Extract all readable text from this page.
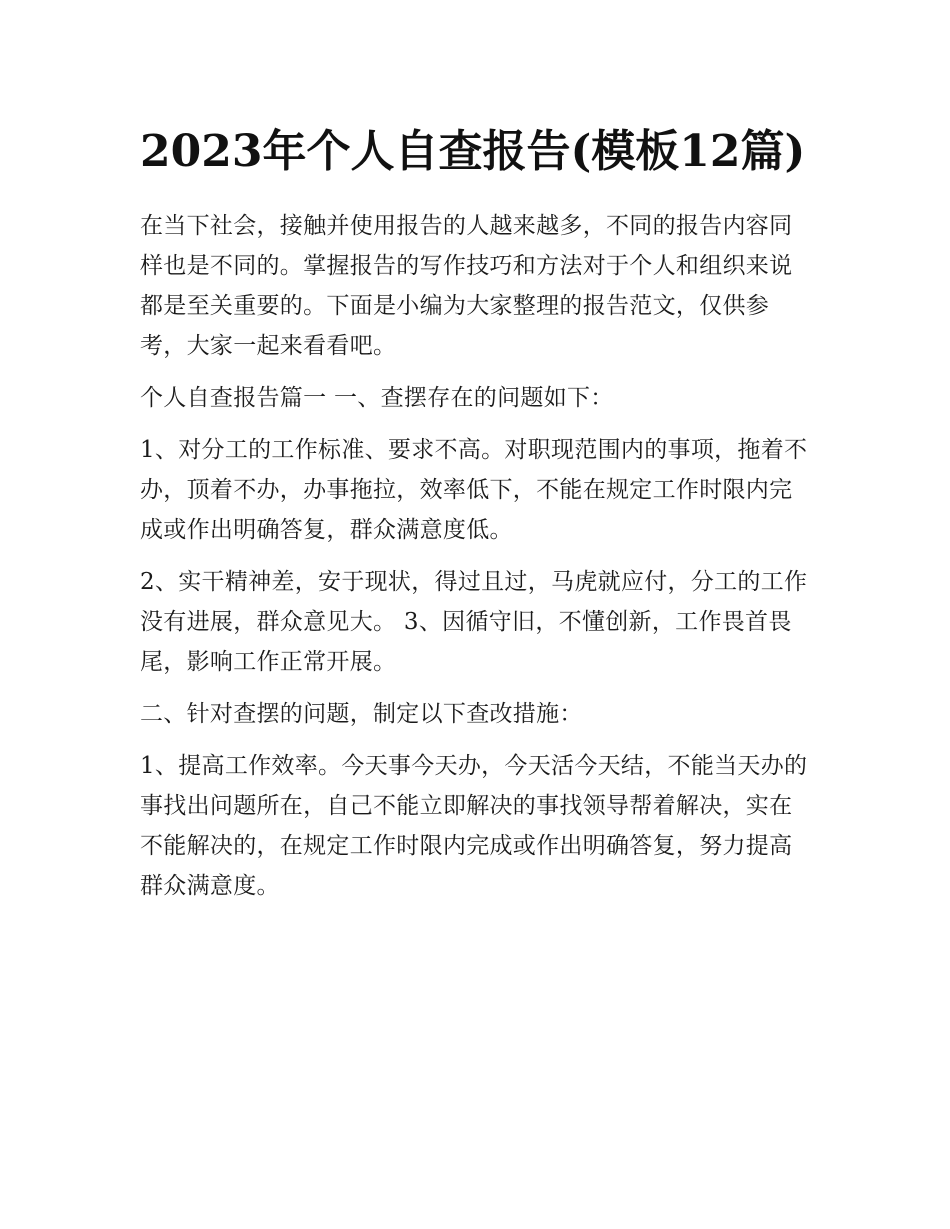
2023年个人自查报告(模板12篇)

在当下社会，接触并使用报告的人越来越多，不同的报告内容同样也是不同的。掌握报告的写作技巧和方法对于个人和组织来说都是至关重要的。下面是小编为大家整理的报告范文，仅供参考，大家一起来看看吧。

个人自查报告篇一 一、查摆存在的问题如下：

1、对分工的工作标准、要求不高。对职现范围内的事项，拖着不办，顶着不办，办事拖拉，效率低下，不能在规定工作时限内完成或作出明确答复，群众满意度低。

2、实干精神差，安于现状，得过且过，马虎就应付，分工的工作没有进展，群众意见大。 3、因循守旧，不懂创新，工作畏首畏尾，影响工作正常开展。

二、针对查摆的问题，制定以下查改措施：

1、提高工作效率。今天事今天办，今天活今天结，不能当天办的事找出问题所在，自己不能立即解决的事找领导帮着解决，实在不能解决的，在规定工作时限内完成或作出明确答复，努力提高群众满意度。
